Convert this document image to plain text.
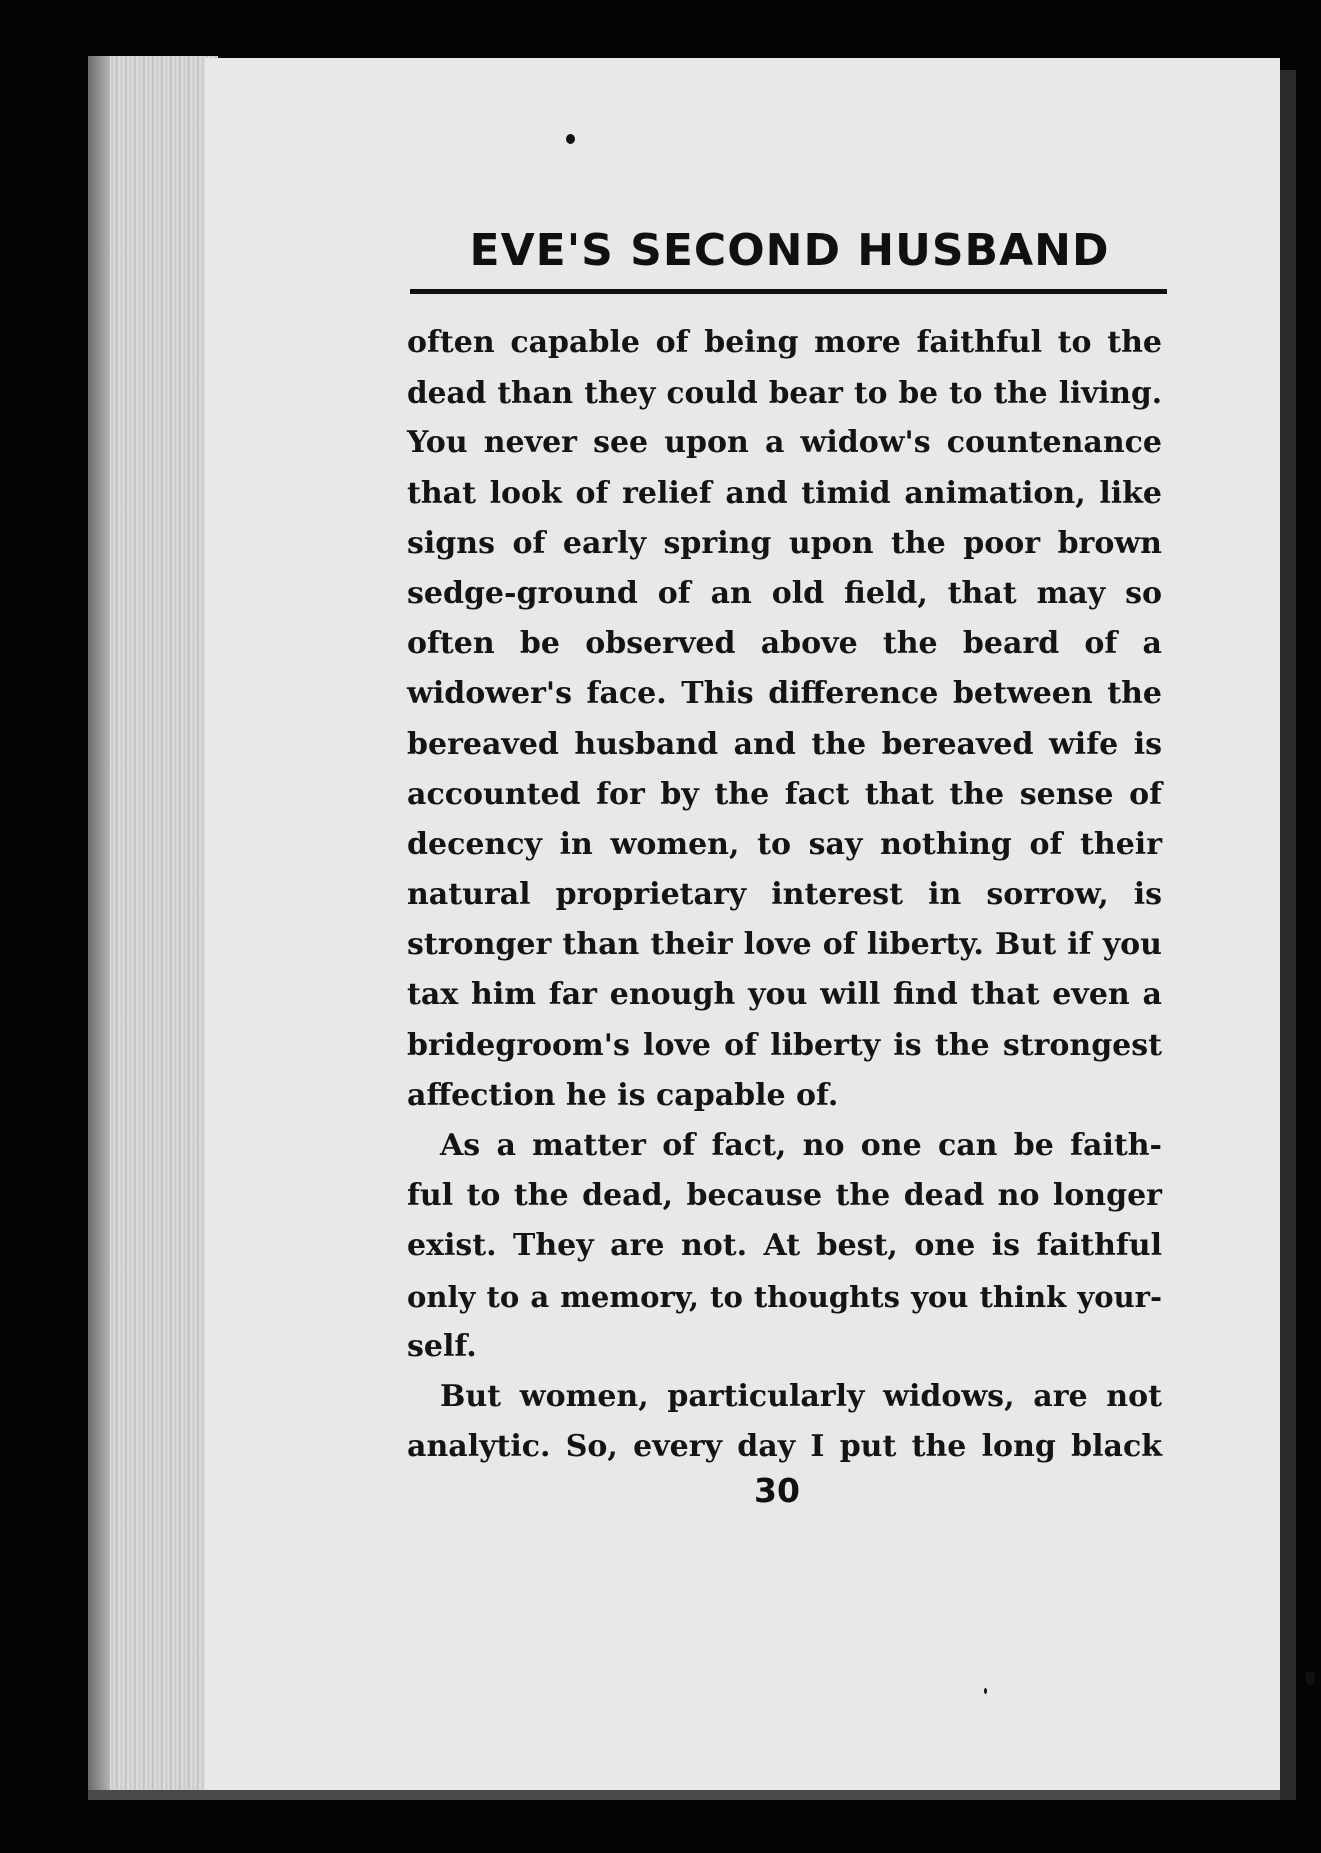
EVE'S SECOND HUSBAND
often capable of being more faithful to the
dead than they could bear to be to the living.
You never see upon a widow's countenance
that look of relief and timid animation, like
signs of early spring upon the poor brown
sedge-ground of an old field, that may so
often be observed above the beard of a
widower's face. This difference between the
bereaved husband and the bereaved wife is
accounted for by the fact that the sense of
decency in women, to say nothing of their
natural proprietary interest in sorrow, is
stronger than their love of liberty. But if you
tax him far enough you will find that even a
bridegroom's love of liberty is the strongest
affection he is capable of.
As a matter of fact, no one can be faith-
ful to the dead, because the dead no longer
exist. They are not. At best, one is faithful
only to a memory, to thoughts you think your-
self.
But women, particularly widows, are not
analytic. So, every day I put the long black
30
